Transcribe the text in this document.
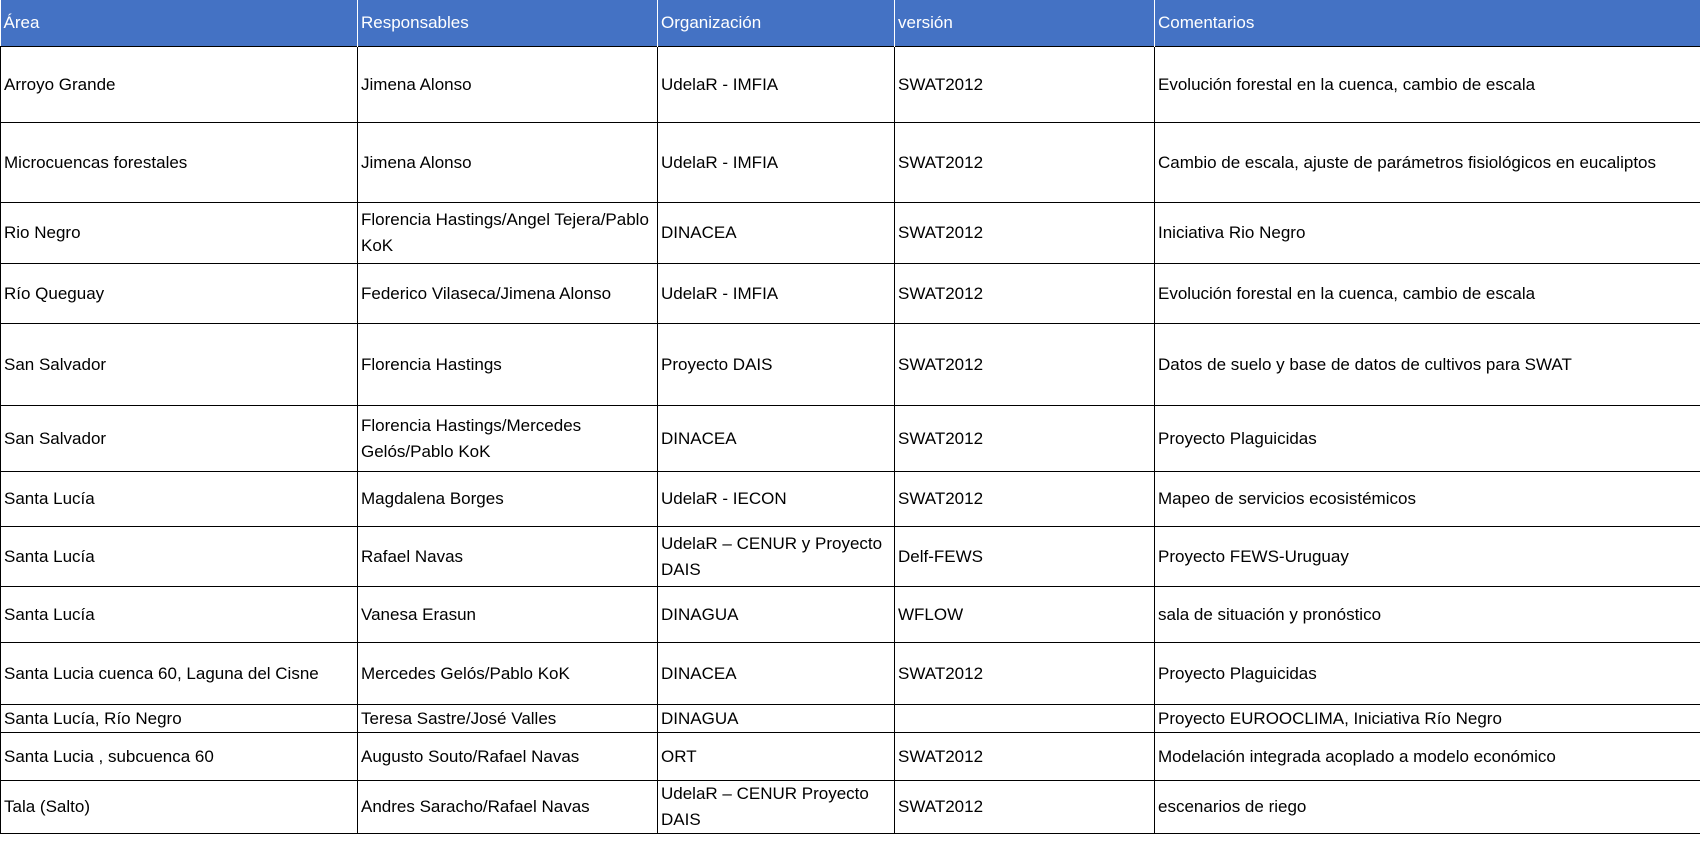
Área	Responsables	Organización	versión	Comentarios
Arroyo Grande	Jimena Alonso	UdelaR - IMFIA	SWAT2012	Evolución forestal en la cuenca, cambio de escala
Microcuencas forestales	Jimena Alonso	UdelaR - IMFIA	SWAT2012	Cambio de escala, ajuste de parámetros fisiológicos en eucaliptos
Rio Negro	Florencia Hastings/Angel Tejera/Pablo KoK	DINACEA	SWAT2012	Iniciativa Rio Negro
Río Queguay	Federico Vilaseca/Jimena Alonso	UdelaR - IMFIA	SWAT2012	Evolución forestal en la cuenca, cambio de escala
San Salvador	Florencia Hastings	Proyecto DAIS	SWAT2012	Datos de suelo y base de datos de cultivos para SWAT
San Salvador	Florencia Hastings/Mercedes Gelós/Pablo KoK	DINACEA	SWAT2012	Proyecto Plaguicidas
Santa Lucía	Magdalena Borges	UdelaR - IECON	SWAT2012	Mapeo de servicios ecosistémicos
Santa Lucía	Rafael Navas	UdelaR – CENUR y Proyecto DAIS	Delf-FEWS	Proyecto FEWS-Uruguay
Santa Lucía	Vanesa Erasun	DINAGUA	WFLOW	sala de situación y pronóstico
Santa Lucia cuenca 60, Laguna del Cisne	Mercedes Gelós/Pablo KoK	DINACEA	SWAT2012	Proyecto Plaguicidas
Santa Lucía, Río Negro	Teresa Sastre/José Valles	DINAGUA		Proyecto EUROOCLIMA, Iniciativa Río Negro
Santa Lucia , subcuenca 60	Augusto Souto/Rafael Navas	ORT	SWAT2012	Modelación integrada acoplado a modelo económico
Tala (Salto)	Andres Saracho/Rafael Navas	UdelaR – CENUR Proyecto DAIS	SWAT2012	escenarios de riego
